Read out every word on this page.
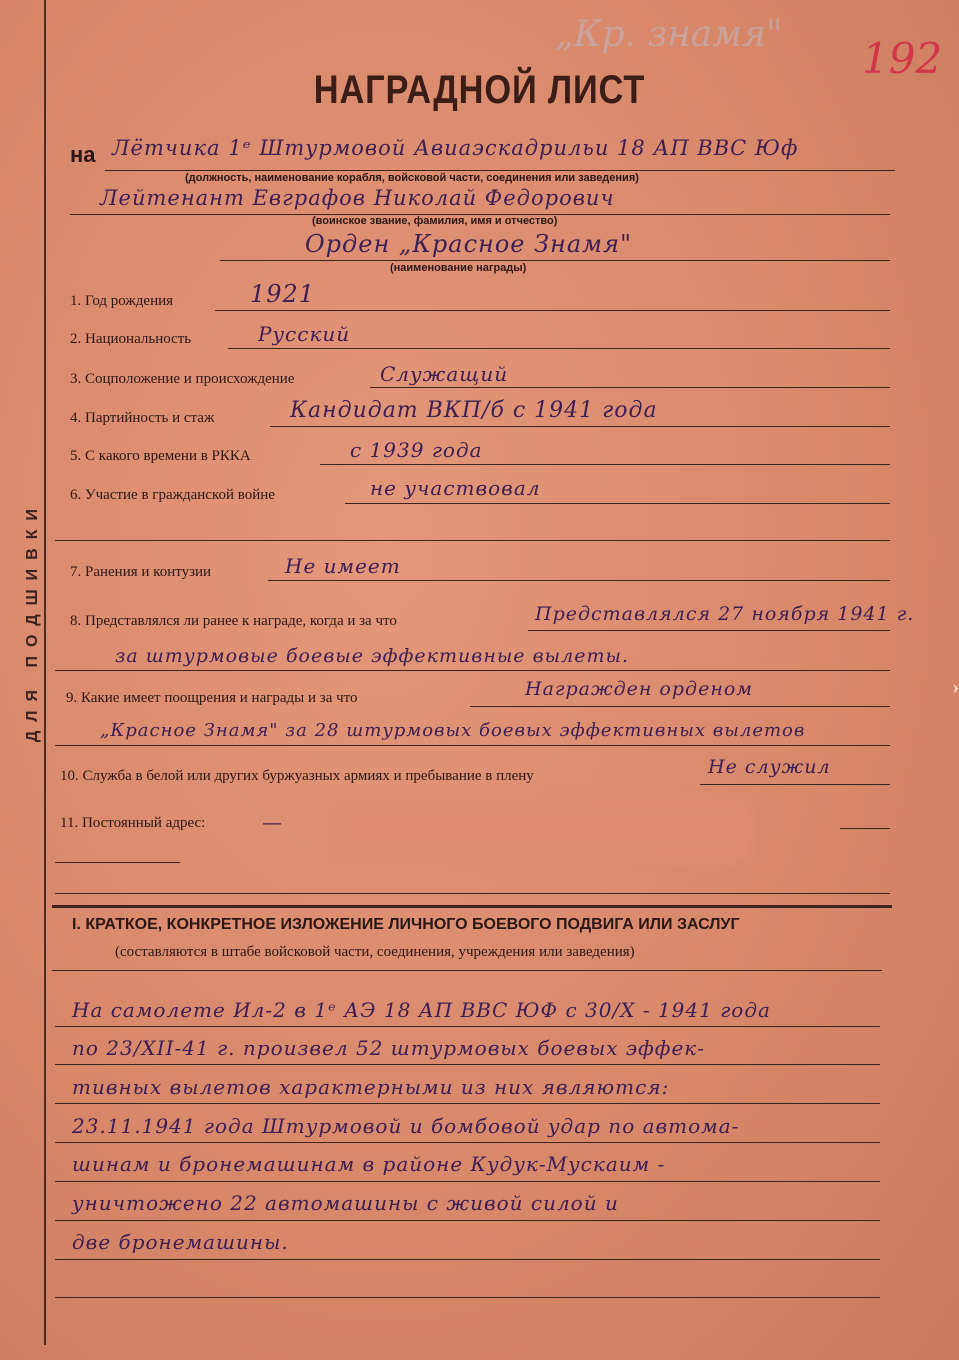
ДЛЯ ПОДШИВКИ
„Кр. знамя" 192
НАГРАДНОЙ ЛИСТ
на Лётчика 1ᵉ Штурмовой Авиаэскадрильи 18 АП ВВС Юф
(должность, наименование корабля, войсковой части, соединения или заведения)
Лейтенант Евграфов Николай Федорович
(воинское звание, фамилия, имя и отчество)
Орден „Красное Знамя"
(наименование награды)
1. Год рождения	1921
2. Национальность	Русский
3. Соцположение и происхождение	Служащий
4. Партийность и стаж	Кандидат ВКП/б с 1941 года
5. С какого времени в РККА	с 1939 года
6. Участие в гражданской войне	не участвовал
7. Ранения и контузии	Не имеет
8. Представлялся ли ранее к награде, когда и за что	Представлялся 27 ноября 1941 г.
за штурмовые боевые эффективные вылеты.
9. Какие имеет поощрения и награды и за что	Награжден орденом
„Красное Знамя" за 28 штурмовых боевых эффективных вылетов
10. Служба в белой или других буржуазных армиях и пребывание в плену	Не служил
11. Постоянный адрес:	—
I. КРАТКОЕ, КОНКРЕТНОЕ ИЗЛОЖЕНИЕ ЛИЧНОГО БОЕВОГО ПОДВИГА ИЛИ ЗАСЛУГ
(составляются в штабе войсковой части, соединения, учреждения или заведения)
На самолете Ил-2 в 1ᵉ АЭ 18 АП ВВС ЮФ с 30/X - 1941 года
по 23/XII-41 г. произвел 52 штурмовых боевых эффек-
тивных вылетов характерными из них являются:
23.11.1941 года Штурмовой и бомбовой удар по автома-
шинам и бронемашинам в районе Кудук-Мускаим -
уничтожено 22 автомашины с живой силой и
две бронемашины.
›
